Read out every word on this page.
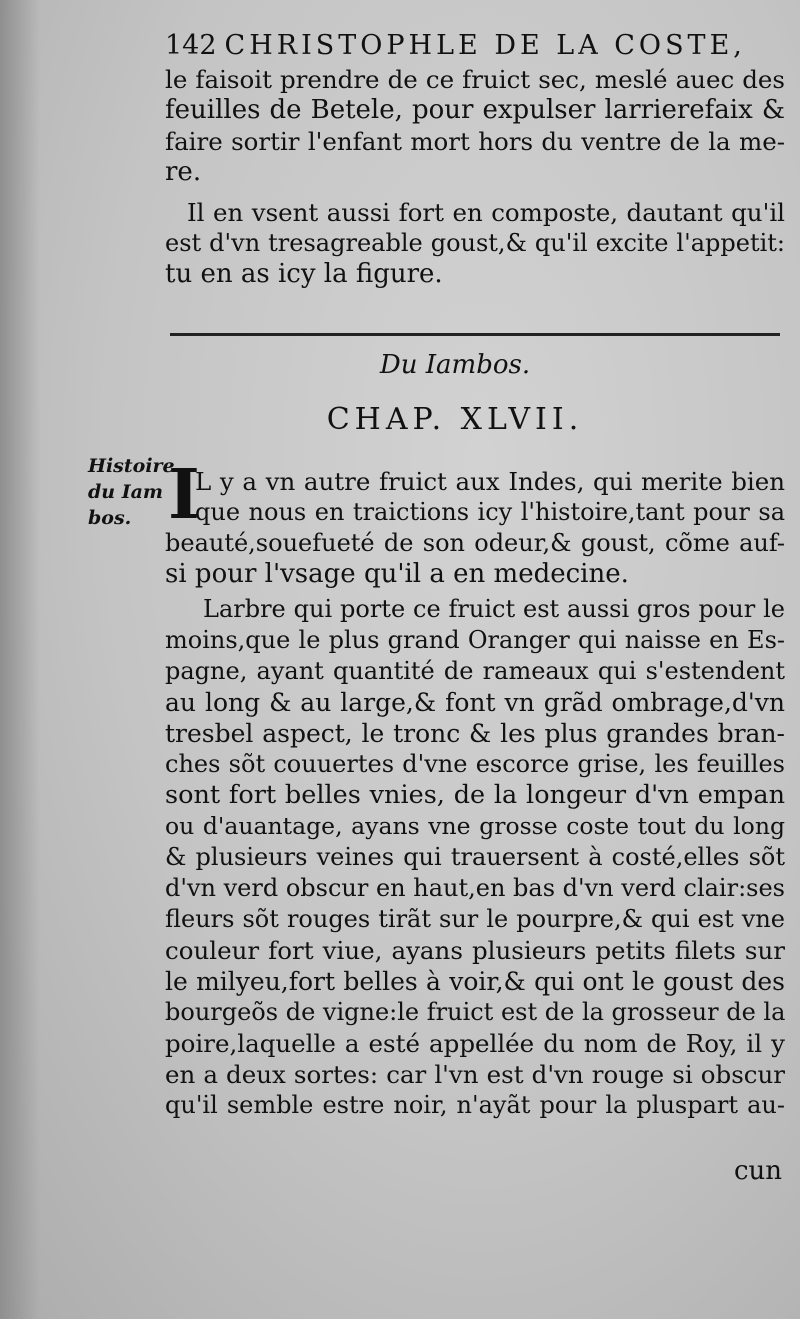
142 CHRISTOPHLE DE LA COSTE,
le faisoit prendre de ce fruict sec, meslé auec des
feuilles de Betele, pour expulser larrierefaix &
faire sortir l'enfant mort hors du ventre de la me-
re.
Il en vsent aussi fort en composte, dautant qu'il
est d'vn tresagreable goust,& qu'il excite l'appetit:
tu en as icy la figure.
Du Iambos.
CHAP. XLVII.
Histoire
du Iam
bos. I
L y a vn autre fruict aux Indes, qui merite bien
que nous en traictions icy l'histoire,tant pour sa
beauté,souefueté de son odeur,& goust, cõme auf-
si pour l'vsage qu'il a en medecine.
Larbre qui porte ce fruict est aussi gros pour le
moins,que le plus grand Oranger qui naisse en Es-
pagne, ayant quantité de rameaux qui s'estendent
au long & au large,& font vn grãd ombrage,d'vn
tresbel aspect, le tronc & les plus grandes bran-
ches sõt couuertes d'vne escorce grise, les feuilles
sont fort belles vnies, de la longeur d'vn empan
ou d'auantage, ayans vne grosse coste tout du long
& plusieurs veines qui trauersent à costé,elles sõt
d'vn verd obscur en haut,en bas d'vn verd clair:ses
fleurs sõt rouges tirãt sur le pourpre,& qui est vne
couleur fort viue, ayans plusieurs petits filets sur
le milyeu,fort belles à voir,& qui ont le goust des
bourgeõs de vigne:le fruict est de la grosseur de la
poire,laquelle a esté appellée du nom de Roy, il y
en a deux sortes: car l'vn est d'vn rouge si obscur
qu'il semble estre noir, n'ayãt pour la pluspart au-
cun
